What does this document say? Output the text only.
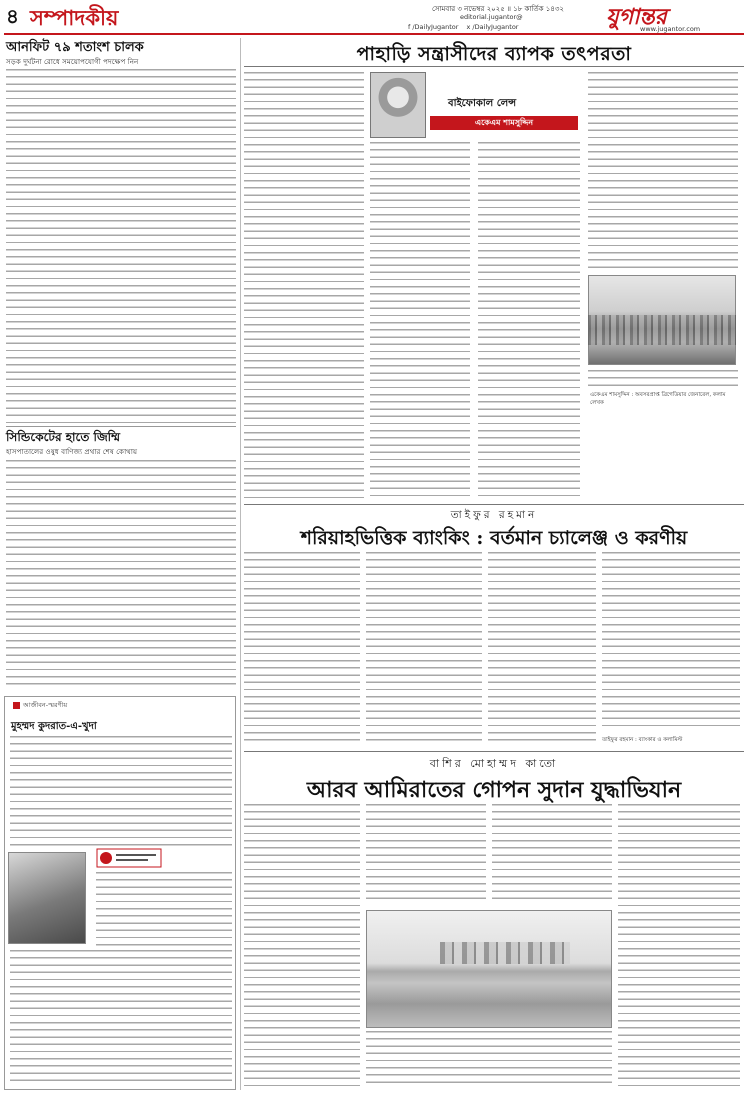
৪ সম্পাদকীয়	সোমবার ৩ নভেম্বর ২০২৫ ॥ ১৮ কার্তিক ১৪৩২
editorial.jugantor@
f /DailyJugantor x /DailyJugantor	যুগান্তর
www.jugantor.com
আনফিট ৭৯ শতাংশ চালক
সড়ক দুর্ঘটনা রোধে সময়োপযোগী পদক্ষেপ নিন
সিন্ডিকেটের হাতে জিম্মি
হাসপাতালের ওষুধ বাণিজ্য প্রথার শেষ কোথায়
আজীবন-স্মরণীয়
মুহম্মদ কুদরাত-এ-খুদা
পাহাড়ি সন্ত্রাসীদের ব্যাপক তৎপরতা
বাইফোকাল লেন্স
একেএম শামসুদ্দিন
একেএম শামসুদ্দিন : অবসরপ্রাপ্ত ব্রিগেডিয়ার জেনারেল, কলাম লেখক
তাইফুর রহমান
শরিয়াহভিত্তিক ব্যাংকিং : বর্তমান চ্যালেঞ্জ ও করণীয়
তাইফুর রহমান : ব্যাংকার ও কলামিস্ট
বাশির মোহাম্মদ কাতো
আরব আমিরাতের গোপন সুদান যুদ্ধাভিযান
